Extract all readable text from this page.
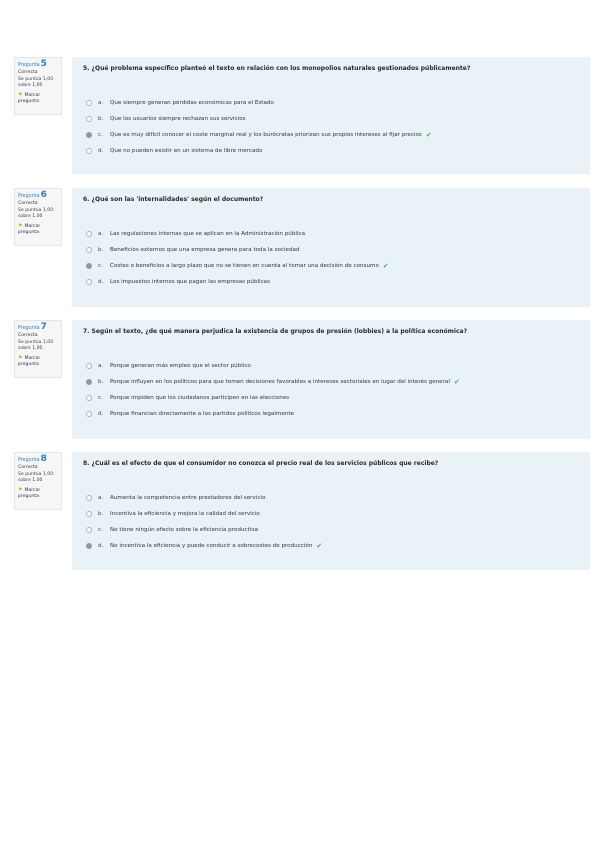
Pregunta5
Correcta
Se puntúa 1,00
sobre 1,00
⚑ Marcar
pregunta
5. ¿Qué problema específico planteó el texto en relación con los monopolios naturales gestionados públicamente?
a.	Que siempre generan pérdidas económicas para el Estado
b.	Que los usuarios siempre rechazan sus servicios
c.	Que es muy difícil conocer el coste marginal real y los burócratas priorizan sus propios intereses al fijar precios ✔
d.	Que no pueden existir en un sistema de libre mercado
Pregunta6
Correcta
Se puntúa 1,00
sobre 1,00
⚑ Marcar
pregunta
6. ¿Qué son las 'internalidades' según el documento?
a.	Las regulaciones internas que se aplican en la Administración pública
b.	Beneficios externos que una empresa genera para toda la sociedad
c.	Costes o beneficios a largo plazo que no se tienen en cuenta al tomar una decisión de consumo ✔
d.	Los impuestos internos que pagan las empresas públicas
Pregunta7
Correcta
Se puntúa 1,00
sobre 1,00
⚑ Marcar
pregunta
7. Según el texto, ¿de qué manera perjudica la existencia de grupos de presión (lobbies) a la política económica?
a.	Porque generan más empleo que el sector público
b.	Porque influyen en los políticos para que tomen decisiones favorables a intereses sectoriales en lugar del interés general ✔
c.	Porque impiden que los ciudadanos participen en las elecciones
d.	Porque financian directamente a los partidos políticos legalmente
Pregunta8
Correcta
Se puntúa 1,00
sobre 1,00
⚑ Marcar
pregunta
8. ¿Cuál es el efecto de que el consumidor no conozca el precio real de los servicios públicos que recibe?
a.	Aumenta la competencia entre prestadores del servicio
b.	Incentiva la eficiencia y mejora la calidad del servicio
c.	No tiene ningún efecto sobre la eficiencia productiva
d.	No incentiva la eficiencia y puede conducir a sobrecostes de producción ✔
